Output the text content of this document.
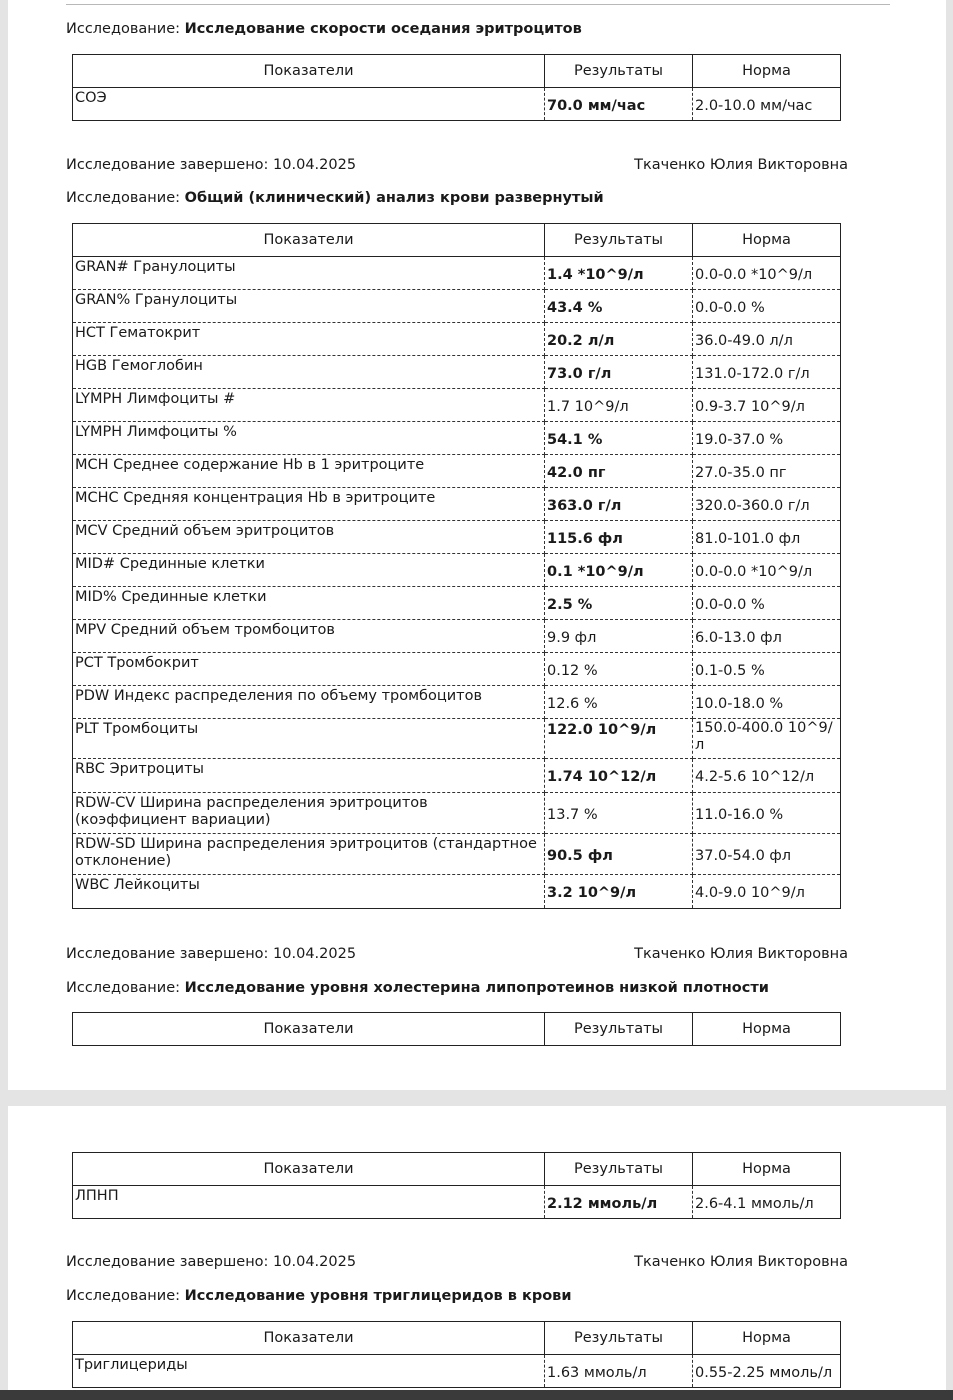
Исследование: Исследование скорости оседания эритроцитов
Показатели	Результаты	Норма
СОЭ	70.0 мм/час	2.0-10.0 мм/час
Исследование завершено: 10.04.2025	Ткаченко Юлия Викторовна
Исследование: Общий (клинический) анализ крови развернутый
Показатели	Результаты	Норма
GRAN# Гранулоциты	1.4 *10^9/л	0.0-0.0 *10^9/л
GRAN% Гранулоциты	43.4 %	0.0-0.0 %
HCT Гематокрит	20.2 л/л	36.0-49.0 л/л
HGB Гемоглобин	73.0 г/л	131.0-172.0 г/л
LYMPH Лимфоциты #	1.7 10^9/л	0.9-3.7 10^9/л
LYMPH Лимфоциты %	54.1 %	19.0-37.0 %
MCH Среднее содержание Hb в 1 эритроците	42.0 пг	27.0-35.0 пг
MCHC Средняя концентрация Hb в эритроците	363.0 г/л	320.0-360.0 г/л
MCV Средний объем эритроцитов	115.6 фл	81.0-101.0 фл
MID# Срединные клетки	0.1 *10^9/л	0.0-0.0 *10^9/л
MID% Срединные клетки	2.5 %	0.0-0.0 %
MPV Средний объем тромбоцитов	9.9 фл	6.0-13.0 фл
PCT Тромбокрит	0.12 %	0.1-0.5 %
PDW Индекс распределения по объему тромбоцитов	12.6 %	10.0-18.0 %
PLT Тромбоциты	122.0 10^9/л	150.0-400.0 10^9/л
RBC Эритроциты	1.74 10^12/л	4.2-5.6 10^12/л
RDW-CV Ширина распределения эритроцитов (коэффициент вариации)	13.7 %	11.0-16.0 %
RDW-SD Ширина распределения эритроцитов (стандартное отклонение)	90.5 фл	37.0-54.0 фл
WBC Лейкоциты	3.2 10^9/л	4.0-9.0 10^9/л
Исследование завершено: 10.04.2025	Ткаченко Юлия Викторовна
Исследование: Исследование уровня холестерина липопротеинов низкой плотности
Показатели	Результаты	Норма
Показатели	Результаты	Норма
ЛПНП	2.12 ммоль/л	2.6-4.1 ммоль/л
Исследование завершено: 10.04.2025	Ткаченко Юлия Викторовна
Исследование: Исследование уровня триглицеридов в крови
Показатели	Результаты	Норма
Триглицериды	1.63 ммоль/л	0.55-2.25 ммоль/л
